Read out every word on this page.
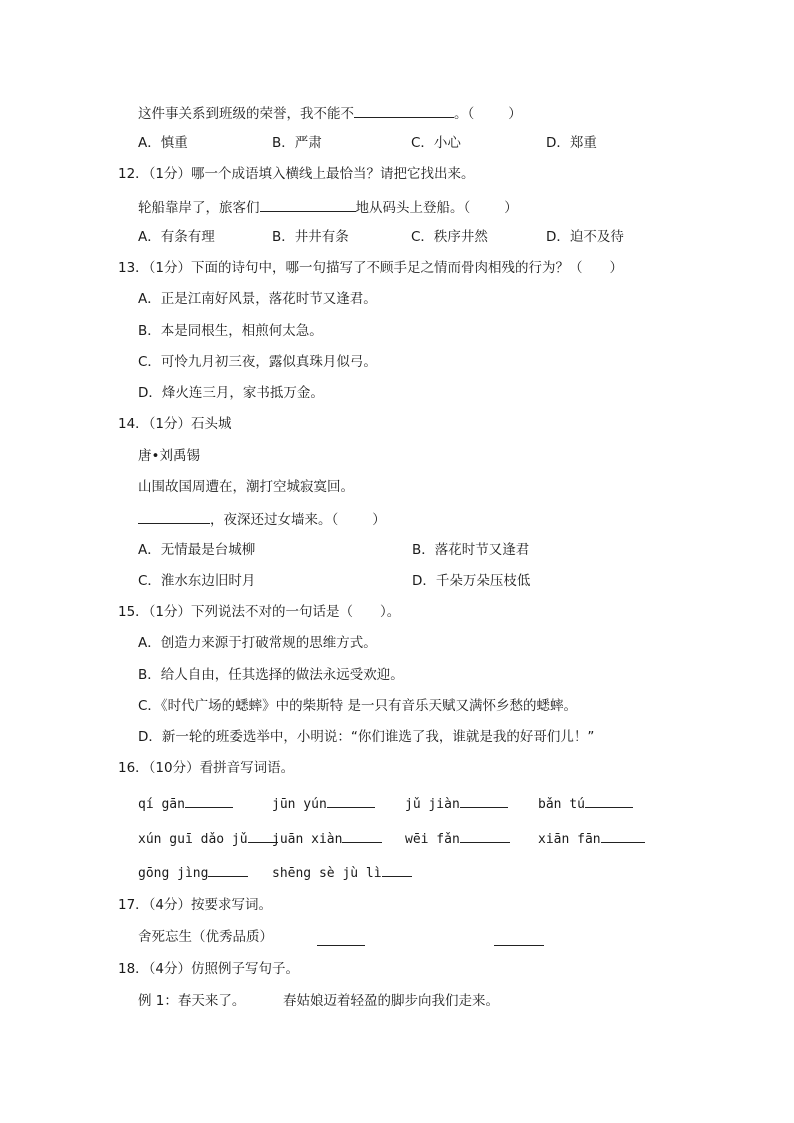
这件事关系到班级的荣誉，我不能不	。（	）
A．慎重	B．严肃	C．小心	D．郑重
12．（1分）哪一个成语填入横线上最恰当？请把它找出来。
轮船靠岸了，旅客们	地从码头上登船。（	）
A．有条有理	B．井井有条	C．秩序井然	D．迫不及待
13．（1分）下面的诗句中，哪一句描写了不顾手足之情而骨肉相残的行为？（　　）
A．正是江南好风景，落花时节又逢君。
B．本是同根生，相煎何太急。
C．可怜九月初三夜，露似真珠月似弓。
D．烽火连三月，家书抵万金。
14．（1分）石头城
唐•刘禹锡
山围故国周遭在，潮打空城寂寞回。
，夜深还过女墙来。（	）
A．无情最是台城柳	B．落花时节又逢君
C．淮水东边旧时月	D．千朵万朵压枝低
15．（1分）下列说法不对的一句话是（　　）。
A．创造力来源于打破常规的思维方式。
B．给人自由，任其选择的做法永远受欢迎。
C．《时代广场的蟋蟀》中的柴斯特 是一只有音乐天赋又满怀乡愁的蟋蟀。
D．新一轮的班委选举中，小明说：“你们谁选了我，谁就是我的好哥们儿！”
16．（10分）看拼音写词语。
qí gān	jūn yún	jǔ jiàn	bǎn tú
xún guī dǎo jǔ	juān xiàn	wēi fǎn	xiān fān
gōng jìng	shēng sè jù lì
17．（4分）按要求写词。
舍死忘生（优秀品质）
18．（4分）仿照例子写句子。
例 1：春天来了。	春姑娘迈着轻盈的脚步向我们走来。
